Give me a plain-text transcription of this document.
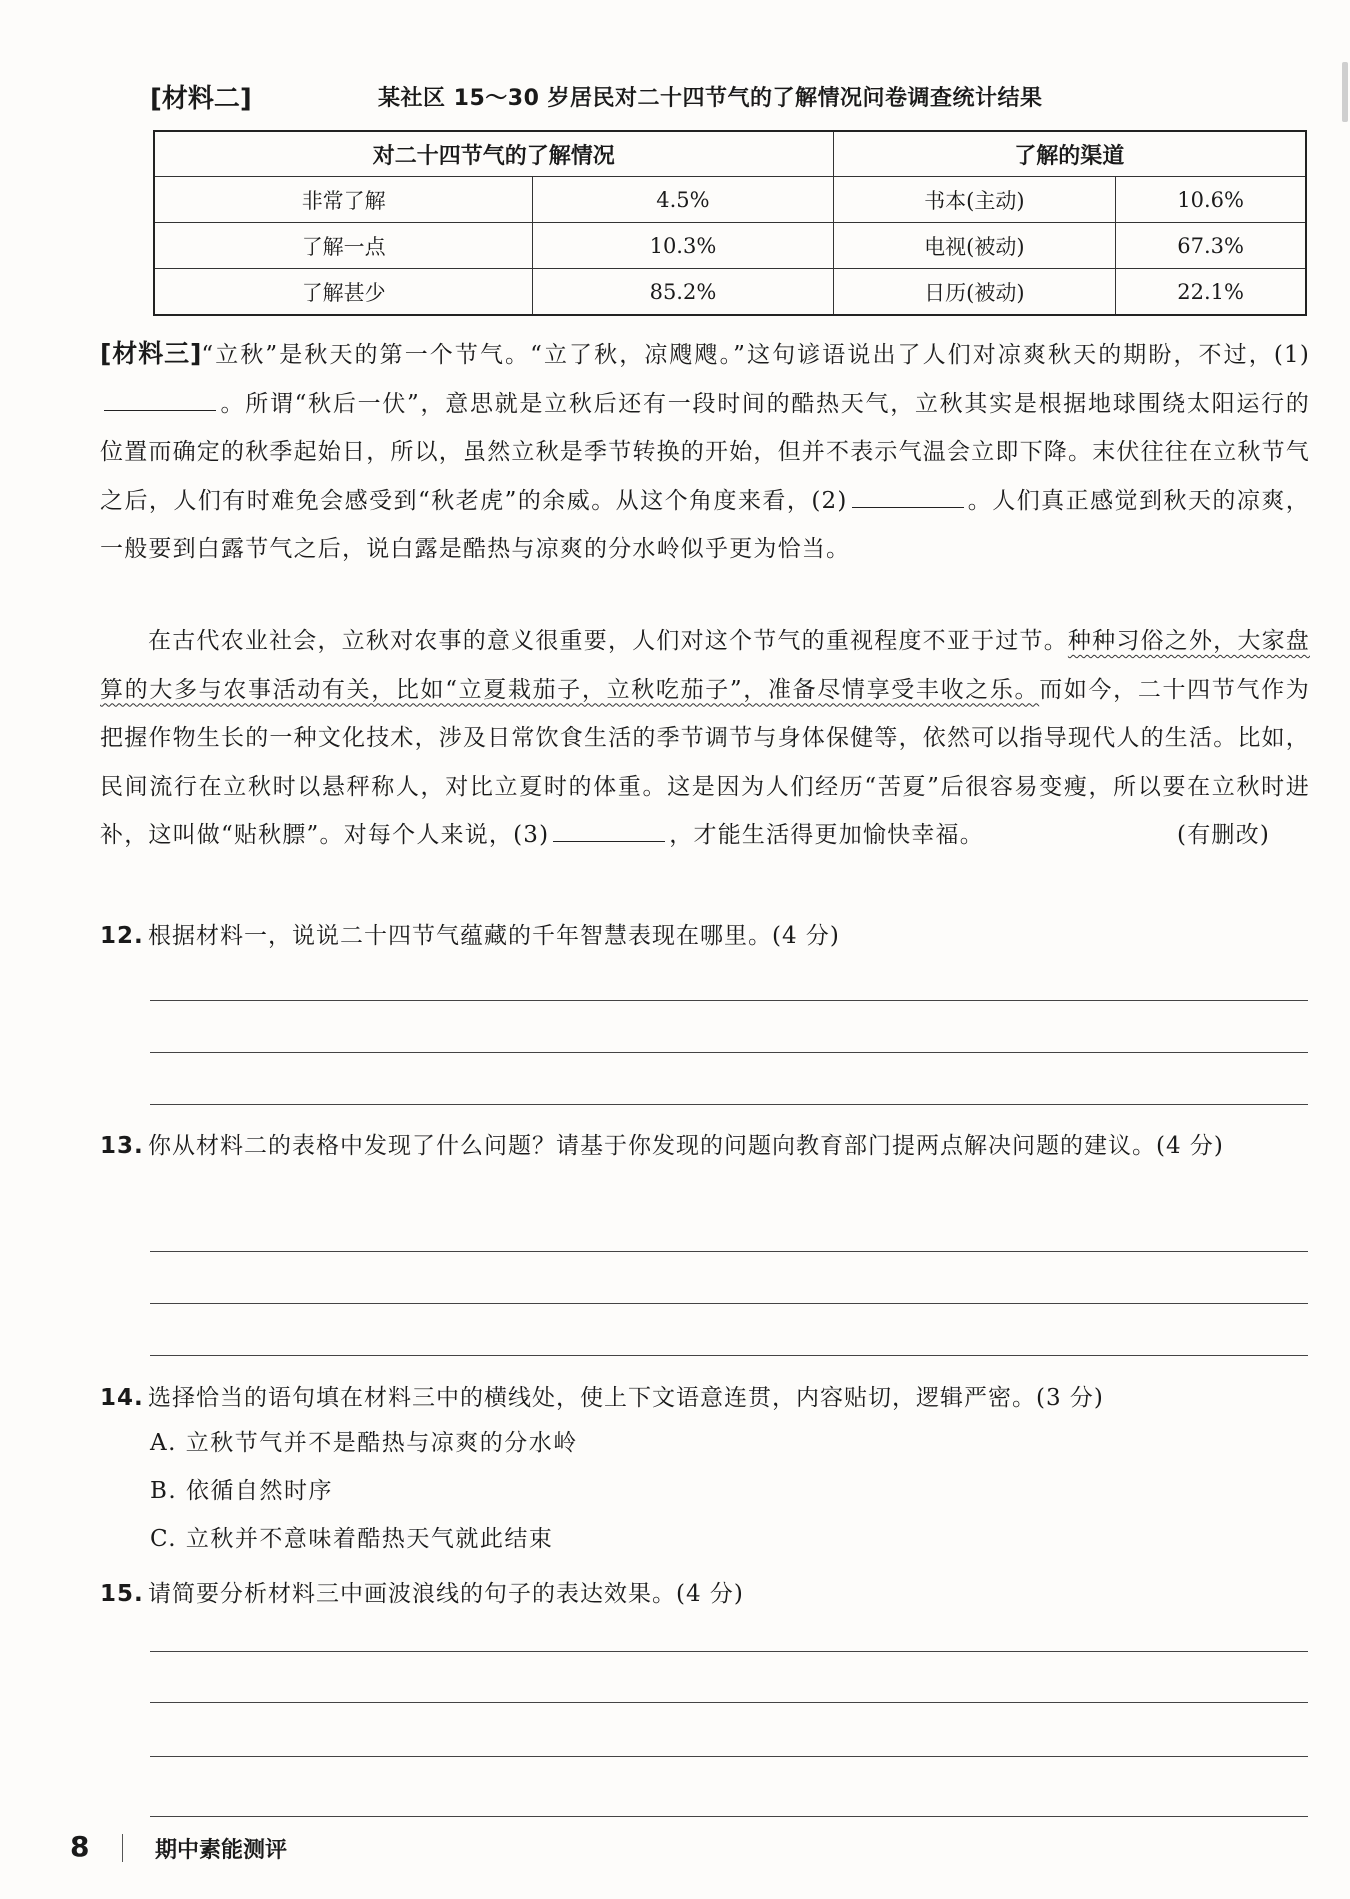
[材料二]	某社区 15～30 岁居民对二十四节气的了解情况问卷调查统计结果
对二十四节气的了解情况		了解的渠道	
非常了解	4.5%	书本(主动)	10.6%
了解一点	10.3%	电视(被动)	67.3%
了解甚少	85.2%	日历(被动)	22.1%
[材料三]“立秋”是秋天的第一个节气。“立了秋，凉飕飕。”这句谚语说出了人们对凉爽秋天的期盼，不过，(1)。所谓“秋后一伏”，意思就是立秋后还有一段时间的酷热天气，立秋其实是根据地球围绕太阳运行的位置而确定的秋季起始日，所以，虽然立秋是季节转换的开始，但并不表示气温会立即下降。末伏往往在立秋节气之后，人们有时难免会感受到“秋老虎”的余威。从这个角度来看，(2)	。人们真正感觉到秋天的凉爽，一般要到白露节气之后，说白露是酷热与凉爽的分水岭似乎更为恰当。
在古代农业社会，立秋对农事的意义很重要，人们对这个节气的重视程度不亚于过节。种种习俗之外，大家盘算的大多与农事活动有关，比如“立夏栽茄子，立秋吃茄子”，准备尽情享受丰收之乐。而如今，二十四节气作为把握作物生长的一种文化技术，涉及日常饮食生活的季节调节与身体保健等，依然可以指导现代人的生活。比如，民间流行在立秋时以悬秤称人，对比立夏时的体重。这是因为人们经历“苦夏”后很容易变瘦，所以要在立秋时进补，这叫做“贴秋膘”。对每个人来说，(3)	，才能生活得更加愉快幸福。	(有删改)
12. 根据材料一，说说二十四节气蕴藏的千年智慧表现在哪里。(4 分)
13. 你从材料二的表格中发现了什么问题？请基于你发现的问题向教育部门提两点解决问题的建议。(4 分)
14. 选择恰当的语句填在材料三中的横线处，使上下文语意连贯，内容贴切，逻辑严密。(3 分)
A. 立秋节气并不是酷热与凉爽的分水岭
B. 依循自然时序
C. 立秋并不意味着酷热天气就此结束
15. 请简要分析材料三中画波浪线的句子的表达效果。(4 分)
8	期中素能测评
